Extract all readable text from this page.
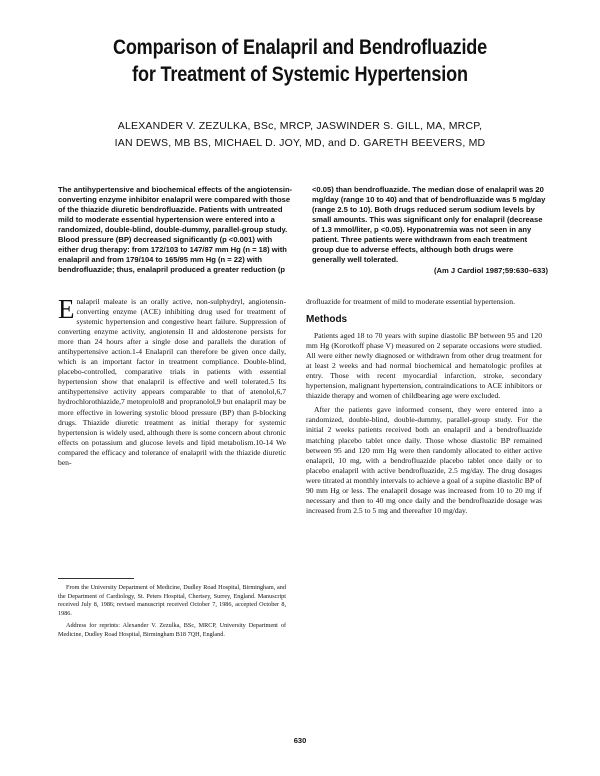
Comparison of Enalapril and Bendrofluazide
for Treatment of Systemic Hypertension
ALEXANDER V. ZEZULKA, BSc, MRCP, JASWINDER S. GILL, MA, MRCP,
IAN DEWS, MB BS, MICHAEL D. JOY, MD, and D. GARETH BEEVERS, MD
The antihypertensive and biochemical effects of the angiotensin-converting enzyme inhibitor enalapril were compared with those of the thiazide diuretic bendrofluazide. Patients with untreated mild to moderate essential hypertension were entered into a randomized, double-blind, double-dummy, parallel-group study. Blood pressure (BP) decreased significantly (p <0.001) with either drug therapy: from 172/103 to 147/87 mm Hg (n = 18) with enalapril and from 179/104 to 165/95 mm Hg (n = 22) with bendrofluazide; thus, enalapril produced a greater reduction (p <0.05) than bendrofluazide. The median dose of enalapril was 20 mg/day (range 10 to 40) and that of bendrofluazide was 5 mg/day (range 2.5 to 10). Both drugs reduced serum sodium levels by small amounts. This was significant only for enalapril (decrease of 1.3 mmol/liter, p <0.05). Hyponatremia was not seen in any patient. Three patients were withdrawn from each treatment group due to adverse effects, although both drugs were generally well tolerated.
(Am J Cardiol 1987;59:630–633)
Enalapril maleate is an orally active, non-sulphydryl, angiotensin-converting enzyme (ACE) inhibiting drug used for treatment of systemic hypertension and congestive heart failure. Suppression of converting enzyme activity, angiotensin II and aldosterone persists for more than 24 hours after a single dose and parallels the duration of antihypertensive action.1-4 Enalapril can therefore be given once daily, which is an important factor in treatment compliance. Double-blind, placebo-controlled, comparative trials in patients with essential hypertension show that enalapril is effective and well tolerated.5 Its antihypertensive activity appears comparable to that of atenolol,6,7 hydrochlorothiazide,7 metoprolol8 and propranolol,9 but enalapril may be more effective in lowering systolic blood pressure (BP) than β-blocking drugs. Thiazide diuretic treatment as initial therapy for systemic hypertension is widely used, although there is some concern about chronic effects on potassium and glucose levels and lipid metabolism.10-14 We compared the efficacy and tolerance of enalapril with the thiazide diuretic ben-

From the University Department of Medicine, Dudley Road Hospital, Birmingham, and the Department of Cardiology, St. Peters Hospital, Chertsey, Surrey, England. Manuscript received July 8, 1986; revised manuscript received October 7, 1986, accepted October 8, 1986.

Address for reprints: Alexander V. Zezulka, BSc, MRCP, University Department of Medicine, Dudley Road Hospital, Birmingham B18 7QH, England.

drofluazide for treatment of mild to moderate essential hypertension.

Methods

Patients aged 18 to 70 years with supine diastolic BP between 95 and 120 mm Hg (Korotkoff phase V) measured on 2 separate occasions were studied. All were either newly diagnosed or withdrawn from other drug treatment for at least 2 weeks and had normal biochemical and hematologic profiles at entry. Those with recent myocardial infarction, stroke, secondary hypertension, malignant hypertension, contraindications to ACE inhibitors or thiazide therapy and women of childbearing age were excluded.

After the patients gave informed consent, they were entered into a randomized, double-blind, double-dummy, parallel-group study. For the initial 2 weeks patients received both an enalapril and a bendrofluazide matching placebo tablet once daily. Those whose diastolic BP remained between 95 and 120 mm Hg were then randomly allocated to either active enalapril, 10 mg, with a bendrofluazide placebo tablet once daily or to placebo enalapril with active bendrofluazide, 2.5 mg/day. The drug dosages were titrated at monthly intervals to achieve a goal of a supine diastolic BP of 90 mm Hg or less. The enalapril dosage was increased from 10 to 20 mg if necessary and then to 40 mg once daily and the bendrofluazide dosage was increased from 2.5 to 5 mg and thereafter 10 mg/day.

630
